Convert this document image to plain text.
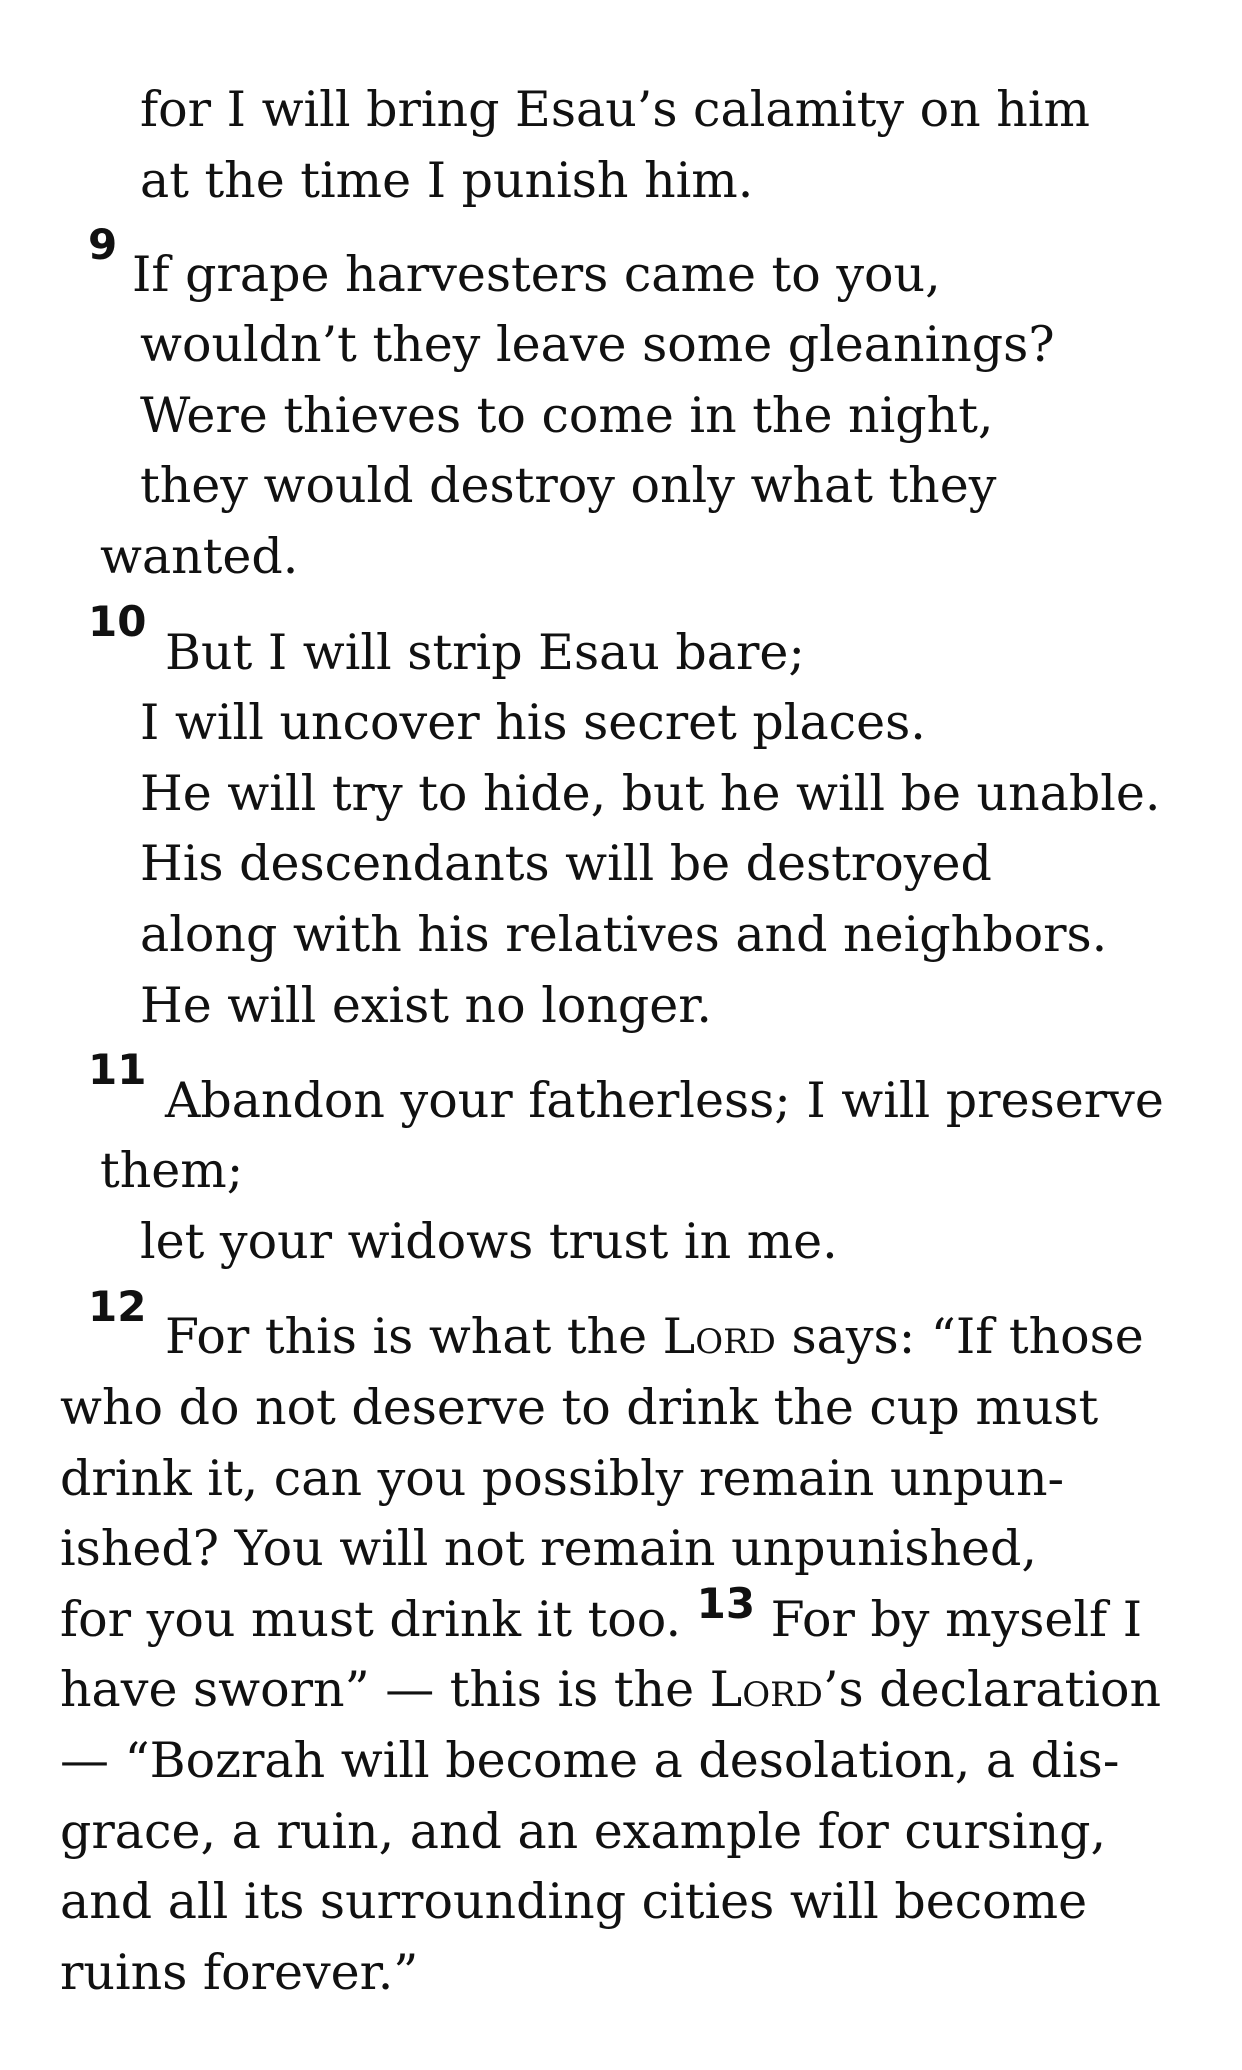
for I will bring Esau’s calamity on him
at the time I punish him.
9
If grape harvesters came to you,
wouldn’t they leave some gleanings?
Were thieves to come in the night,
they would destroy only what they
wanted.
10
But I will strip Esau bare;
I will uncover his secret places.
He will try to hide, but he will be unable.
His descendants will be destroyed
along with his relatives and neighbors.
He will exist no longer.
11
Abandon your fatherless; I will preserve
them;
let your widows trust in me.
12
For this is what the Lord says: “If those
who do not deserve to drink the cup must
drink it, can you possibly remain unpun-
ished? You will not remain unpunished,
for you must drink it too. 13 For by myself I
have sworn” — this is the Lord’s declaration
— “Bozrah will become a desolation, a dis-
grace, a ruin, and an example for cursing,
and all its surrounding cities will become
ruins forever.”
